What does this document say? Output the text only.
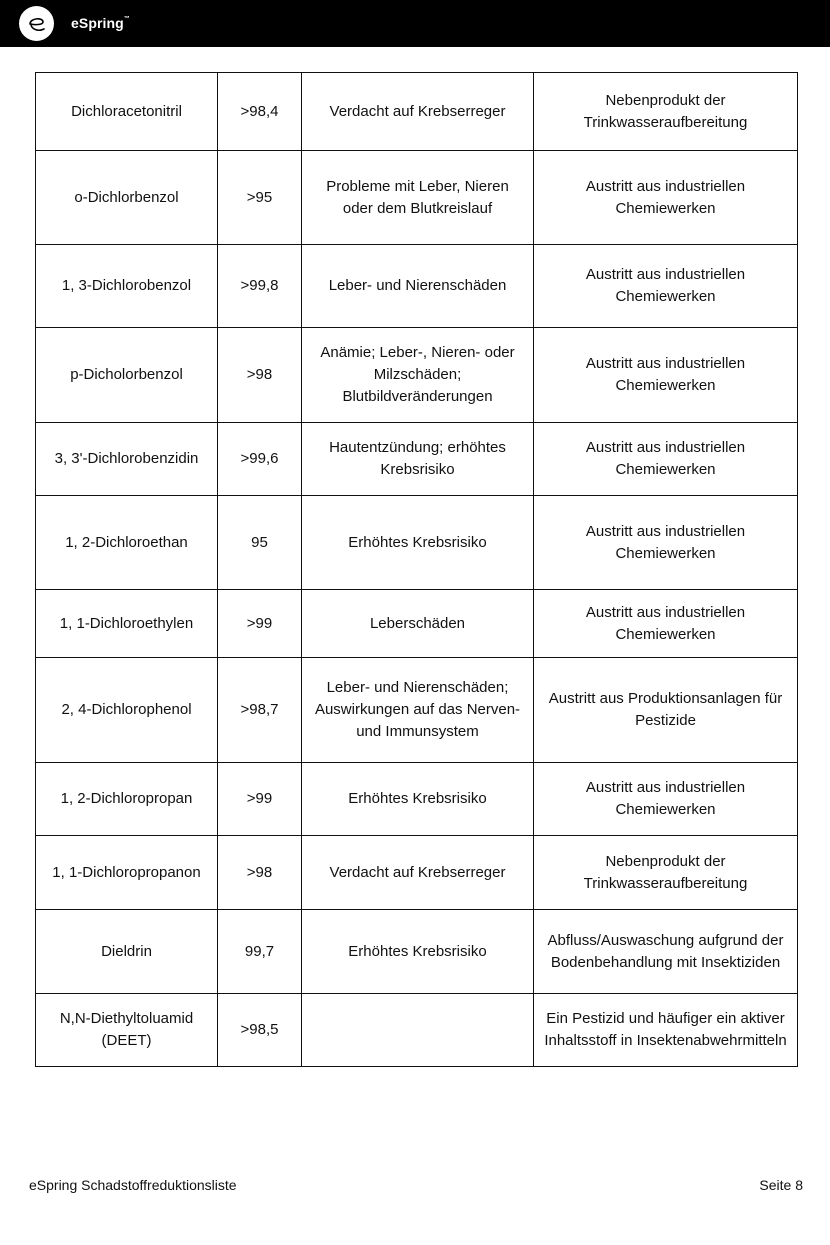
eSpring™
Dichloracetonitril	>98,4	Verdacht auf Krebserreger	Nebenprodukt der Trinkwasseraufbereitung
o-Dichlorbenzol	>95	Probleme mit Leber, Nieren oder dem Blutkreislauf	Austritt aus industriellen Chemiewerken
1, 3-Dichlorobenzol	>99,8	Leber- und Nierenschäden	Austritt aus industriellen Chemiewerken
p-Dicholorbenzol	>98	Anämie; Leber-, Nieren- oder Milzschäden; Blutbildveränderungen	Austritt aus industriellen Chemiewerken
3, 3'-Dichlorobenzidin	>99,6	Hautentzündung; erhöhtes Krebsrisiko	Austritt aus industriellen Chemiewerken
1, 2-Dichloroethan	95	Erhöhtes Krebsrisiko	Austritt aus industriellen Chemiewerken
1, 1-Dichloroethylen	>99	Leberschäden	Austritt aus industriellen Chemiewerken
2, 4-Dichlorophenol	>98,7	Leber- und Nierenschäden; Auswirkungen auf das Nerven- und Immunsystem	Austritt aus Produktionsanlagen für Pestizide
1, 2-Dichloropropan	>99	Erhöhtes Krebsrisiko	Austritt aus industriellen Chemiewerken
1, 1-Dichloropropanon	>98	Verdacht auf Krebserreger	Nebenprodukt der Trinkwasseraufbereitung
Dieldrin	99,7	Erhöhtes Krebsrisiko	Abfluss/Auswaschung aufgrund der Bodenbehandlung mit Insektiziden
N,N-Diethyltoluamid (DEET)	>98,5		Ein Pestizid und häufiger ein aktiver Inhaltsstoff in Insektenabwehrmitteln
eSpring Schadstoffreduktionsliste	Seite 8
